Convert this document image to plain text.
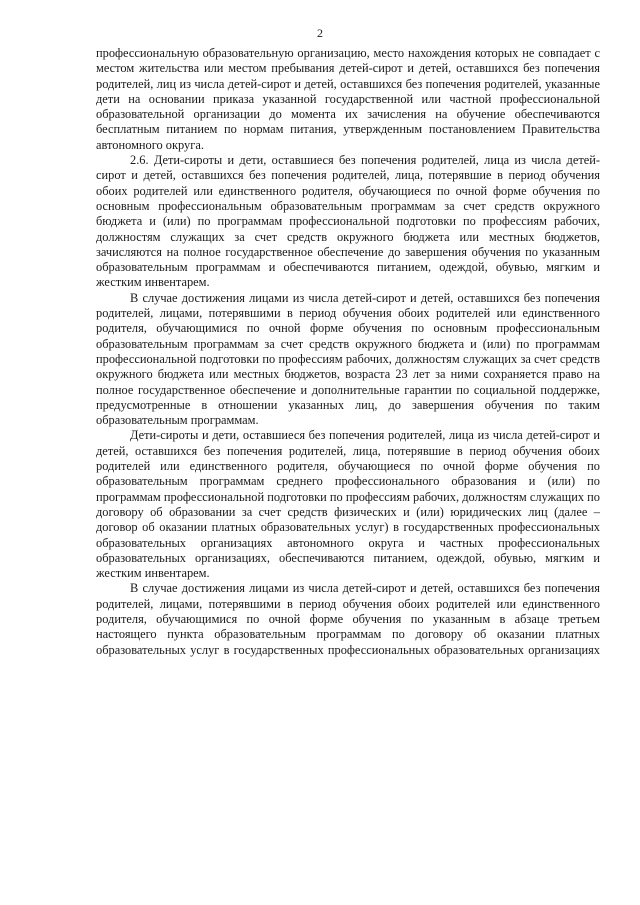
2

профессиональную образовательную организацию, место нахождения которых не совпадает с местом жительства или местом пребывания детей-сирот и детей, оставшихся без попечения родителей, лиц из числа детей-сирот и детей, оставшихся без попечения родителей, указанные дети на основании приказа указанной государственной или частной профессиональной образовательной организации до момента их зачисления на обучение обеспечиваются бесплатным питанием по нормам питания, утвержденным постановлением Правительства автономного округа.

2.6. Дети-сироты и дети, оставшиеся без попечения родителей, лица из числа детей-сирот и детей, оставшихся без попечения родителей, лица, потерявшие в период обучения обоих родителей или единственного родителя, обучающиеся по очной форме обучения по основным профессиональным образовательным программам за счет средств окружного бюджета и (или) по программам профессиональной подготовки по профессиям рабочих, должностям служащих за счет средств окружного бюджета или местных бюджетов, зачисляются на полное государственное обеспечение до завершения обучения по указанным образовательным программам и обеспечиваются питанием, одеждой, обувью, мягким и жестким инвентарем.

В случае достижения лицами из числа детей-сирот и детей, оставшихся без попечения родителей, лицами, потерявшими в период обучения обоих родителей или единственного родителя, обучающимися по очной форме обучения по основным профессиональным образовательным программам за счет средств окружного бюджета и (или) по программам профессиональной подготовки по профессиям рабочих, должностям служащих за счет средств окружного бюджета или местных бюджетов, возраста 23 лет за ними сохраняется право на полное государственное обеспечение и дополнительные гарантии по социальной поддержке, предусмотренные в отношении указанных лиц, до завершения обучения по таким образовательным программам.

Дети-сироты и дети, оставшиеся без попечения родителей, лица из числа детей-сирот и детей, оставшихся без попечения родителей, лица, потерявшие в период обучения обоих родителей или единственного родителя, обучающиеся по очной форме обучения по образовательным программам среднего профессионального образования и (или) по программам профессиональной подготовки по профессиям рабочих, должностям служащих по договору об образовании за счет средств физических и (или) юридических лиц (далее – договор об оказании платных образовательных услуг) в государственных профессиональных образовательных организациях автономного округа и частных профессиональных образовательных организациях, обеспечиваются питанием, одеждой, обувью, мягким и жестким инвентарем.

В случае достижения лицами из числа детей-сирот и детей, оставшихся без попечения родителей, лицами, потерявшими в период обучения обоих родителей или единственного родителя, обучающимися по очной форме обучения по указанным в абзаце третьем настоящего пункта образовательным программам по договору об оказании платных образовательных услуг в государственных профессиональных образовательных организациях
